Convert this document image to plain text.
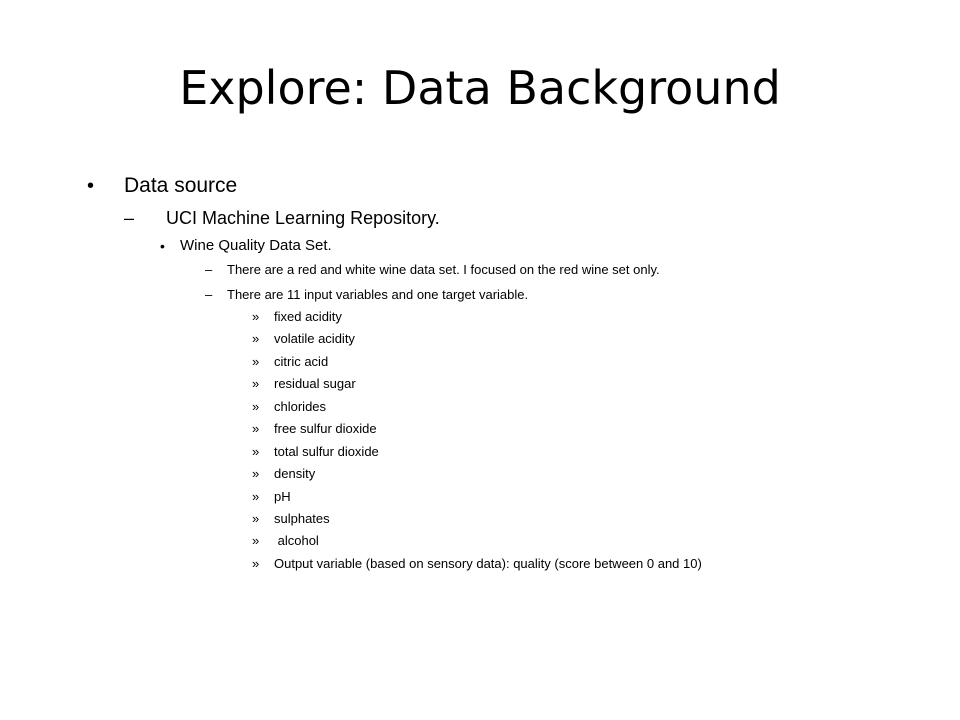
Explore: Data Background
• Data source
– UCI Machine Learning Repository.
• Wine Quality Data Set.
– There are a red and white wine data set. I focused on the red wine set only.
– There are 11 input variables and one target variable.
» fixed acidity
» volatile acidity
» citric acid
» residual sugar
» chlorides
» free sulfur dioxide
» total sulfur dioxide
» density
» pH
» sulphates
» alcohol
» Output variable (based on sensory data): quality (score between 0 and 10)
